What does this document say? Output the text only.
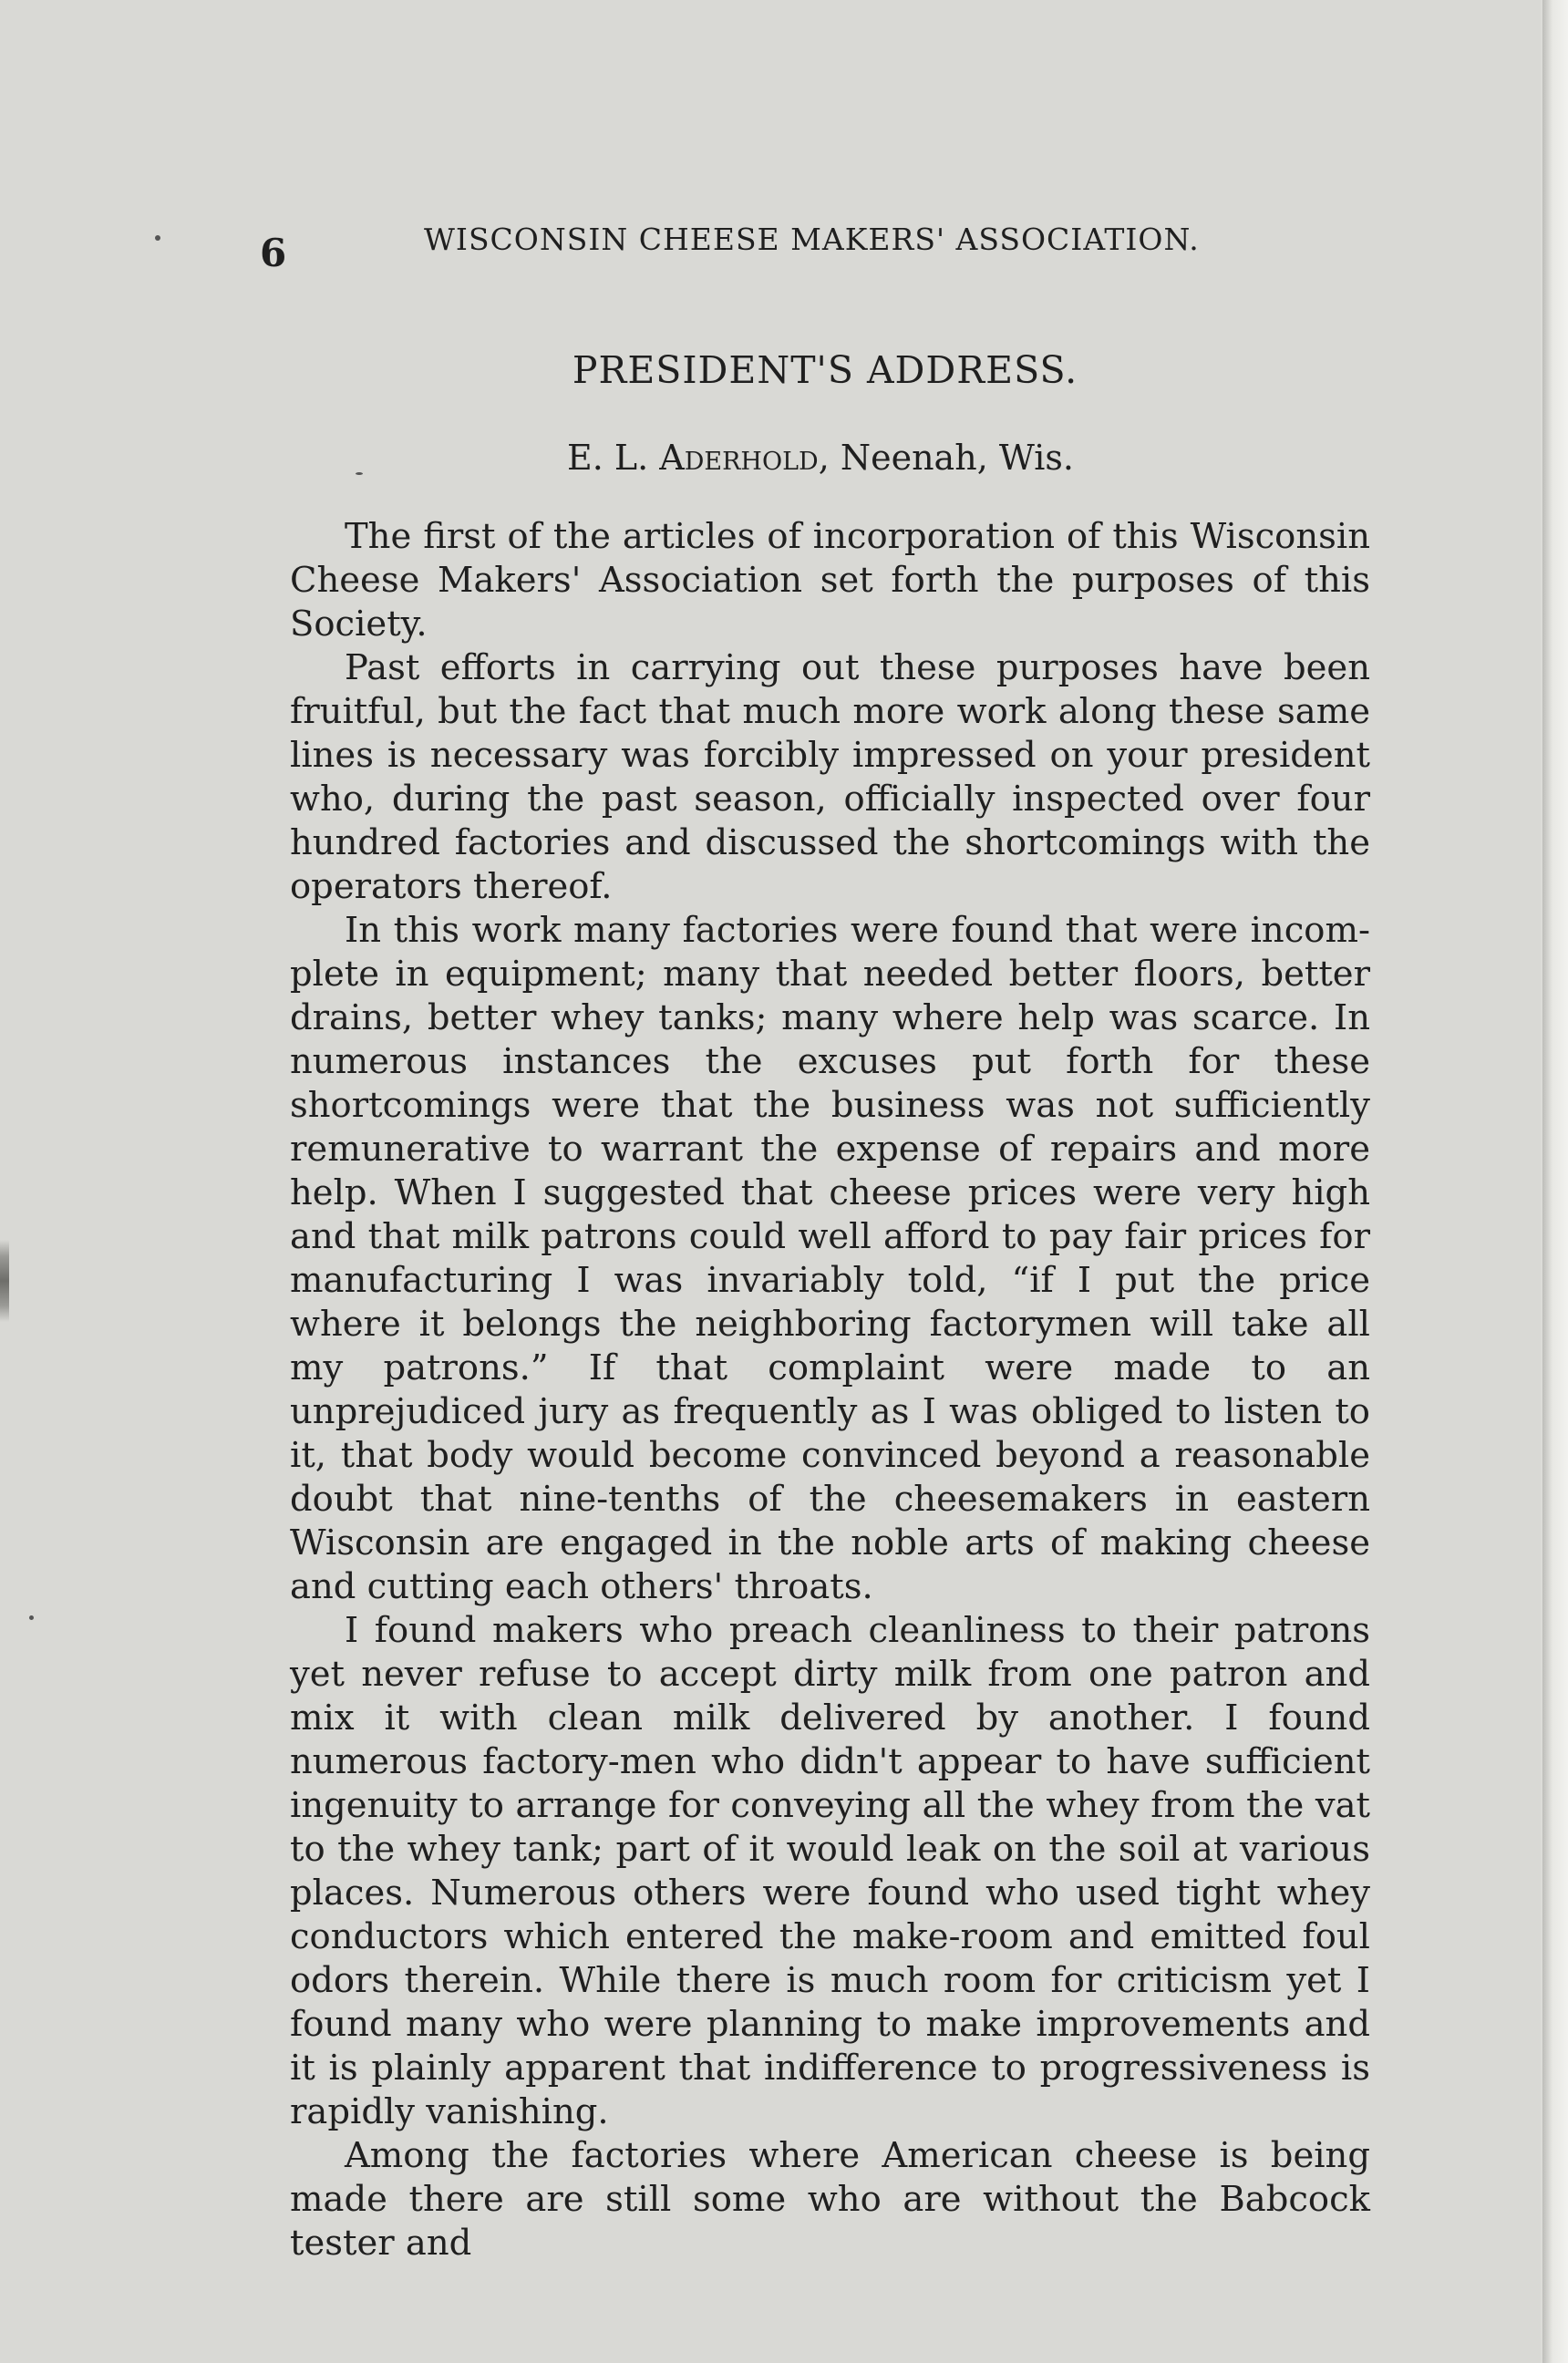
6	WISCONSIN CHEESE MAKERS' ASSOCIATION.
PRESIDENT'S ADDRESS.
E. L. Aderhold, Neenah, Wis.

The first of the articles of incorporation of this Wisconsin Cheese Makers' Association set forth the purposes of this Society.

Past efforts in carrying out these purposes have been fruitful, but the fact that much more work along these same lines is necessary was forcibly impressed on your president who, during the past season, officially inspected over four hundred factories and discussed the shortcomings with the operators thereof.

In this work many factories were found that were incomplete in equipment; many that needed better floors, better drains, better whey tanks; many where help was scarce. In numerous instances the excuses put forth for these shortcomings were that the business was not sufficiently remunerative to warrant the expense of repairs and more help. When I suggested that cheese prices were very high and that milk patrons could well afford to pay fair prices for manufacturing I was invariably told, “if I put the price where it belongs the neighboring factorymen will take all my patrons.” If that complaint were made to an unprejudiced jury as frequently as I was obliged to listen to it, that body would become convinced beyond a reasonable doubt that nine-tenths of the cheesemakers in eastern Wisconsin are engaged in the noble arts of making cheese and cutting each others' throats.

I found makers who preach cleanliness to their patrons yet never refuse to accept dirty milk from one patron and mix it with clean milk delivered by another. I found numerous factory-men who didn't appear to have sufficient ingenuity to arrange for conveying all the whey from the vat to the whey tank; part of it would leak on the soil at various places. Numerous others were found who used tight whey conductors which entered the make-room and emitted foul odors therein. While there is much room for criticism yet I found many who were planning to make improvements and it is plainly apparent that indifference to progressiveness is rapidly vanishing.

Among the factories where American cheese is being made there are still some who are without the Babcock tester and
